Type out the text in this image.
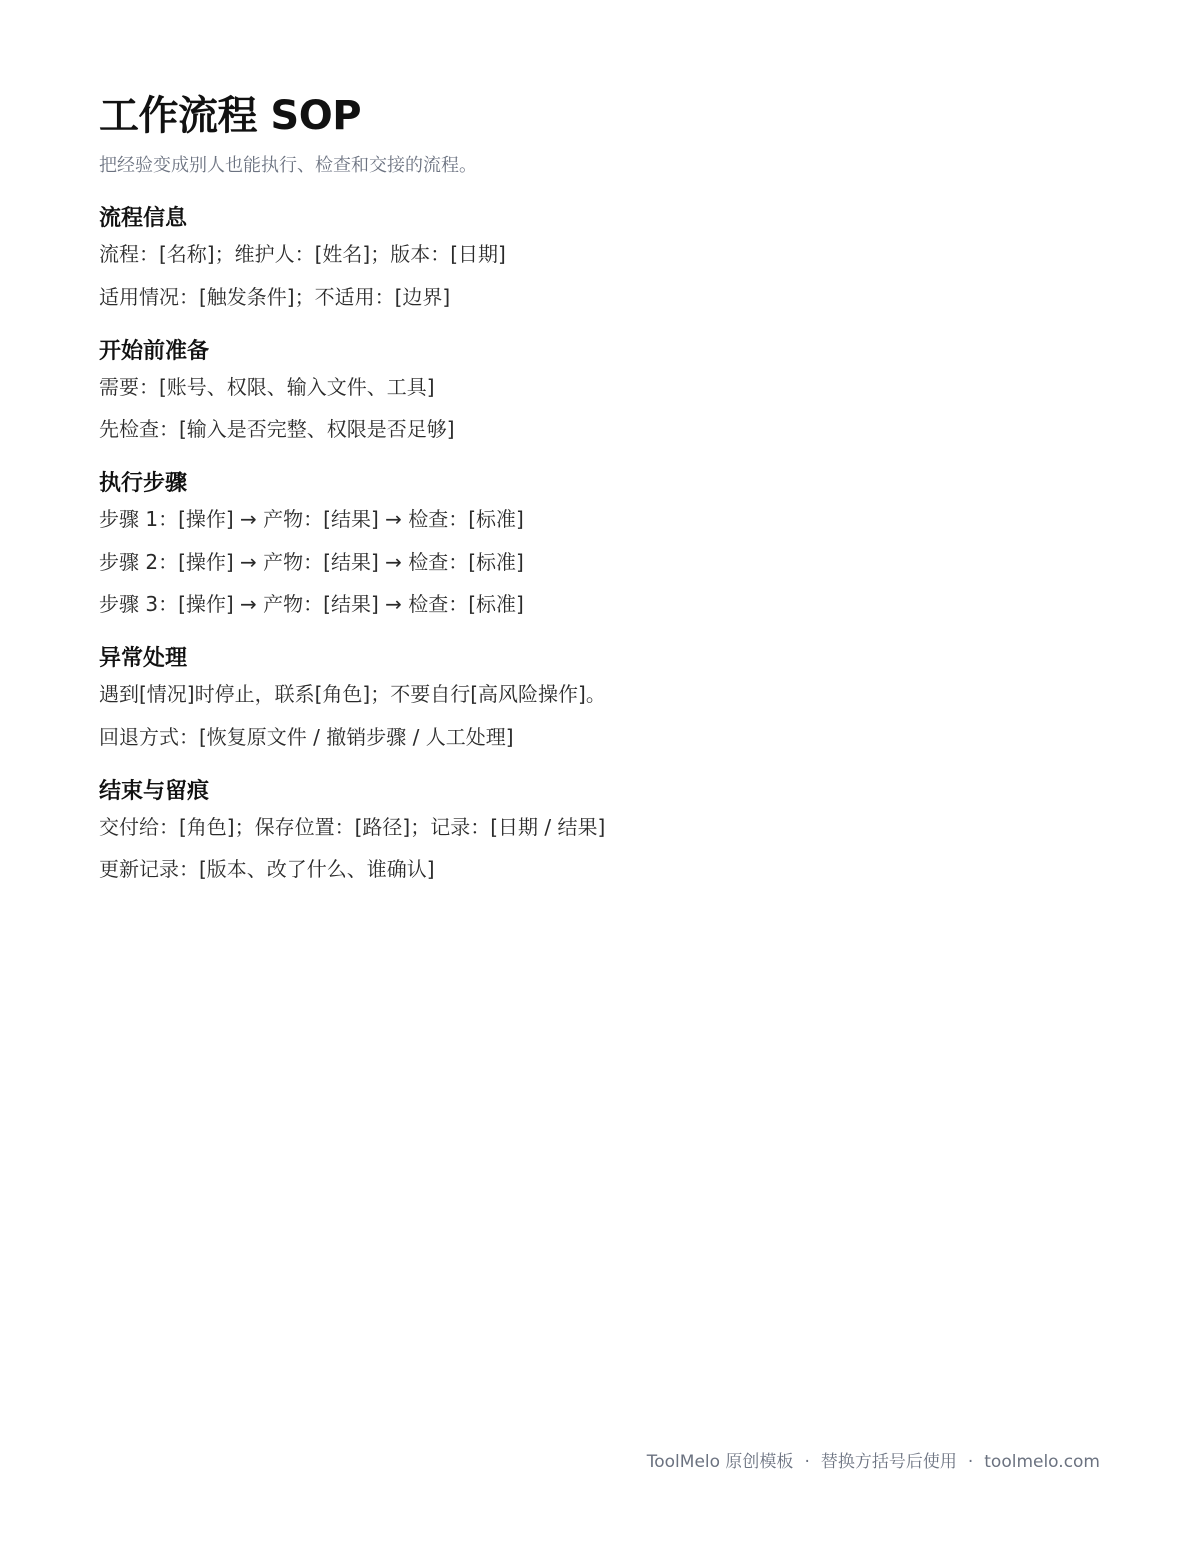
工作流程 SOP

把经验变成别人也能执行、检查和交接的流程。

流程信息

流程：[名称]；维护人：[姓名]；版本：[日期]

适用情况：[触发条件]；不适用：[边界]

开始前准备

需要：[账号、权限、输入文件、工具]

先检查：[输入是否完整、权限是否足够]

执行步骤

步骤 1：[操作] → 产物：[结果] → 检查：[标准]

步骤 2：[操作] → 产物：[结果] → 检查：[标准]

步骤 3：[操作] → 产物：[结果] → 检查：[标准]

异常处理

遇到[情况]时停止，联系[角色]；不要自行[高风险操作]。

回退方式：[恢复原文件 / 撤销步骤 / 人工处理]

结束与留痕

交付给：[角色]；保存位置：[路径]；记录：[日期 / 结果]

更新记录：[版本、改了什么、谁确认]

ToolMelo 原创模板 · 替换方括号后使用 · toolmelo.com
